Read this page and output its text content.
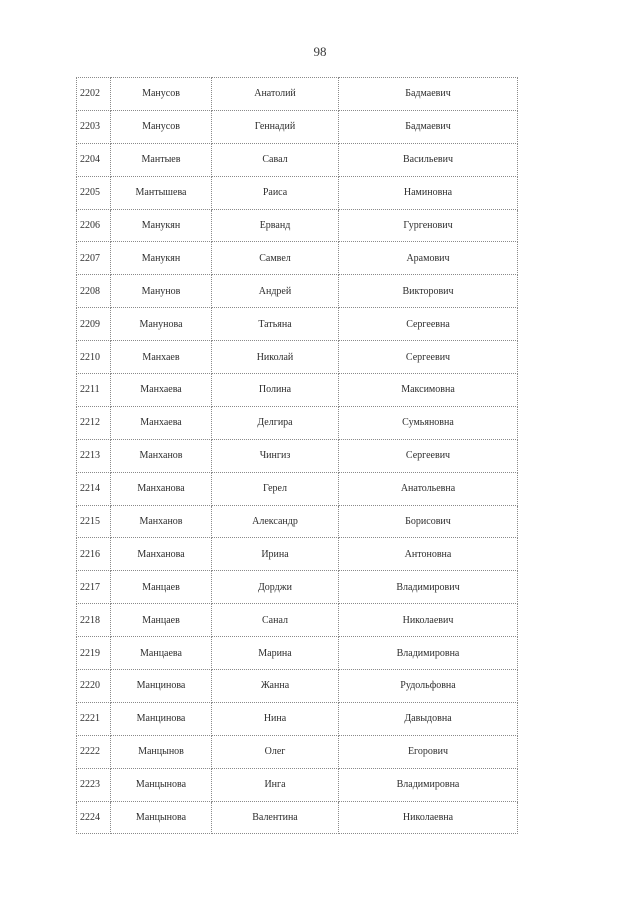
98
2202	Манусов	Анатолий	Бадмаевич
2203	Манусов	Геннадий	Бадмаевич
2204	Мантыев	Савал	Васильевич
2205	Мантышева	Раиса	Наминовна
2206	Манукян	Ерванд	Гургенович
2207	Манукян	Самвел	Арамович
2208	Манунов	Андрей	Викторович
2209	Манунова	Татьяна	Сергеевна
2210	Манхаев	Николай	Сергеевич
2211	Манхаева	Полина	Максимовна
2212	Манхаева	Делгира	Сумьяновна
2213	Манханов	Чингиз	Сергеевич
2214	Манханова	Герел	Анатольевна
2215	Манханов	Александр	Борисович
2216	Манханова	Ирина	Антоновна
2217	Манцаев	Дорджи	Владимирович
2218	Манцаев	Санал	Николаевич
2219	Манцаева	Марина	Владимировна
2220	Манцинова	Жанна	Рудольфовна
2221	Манцинова	Нина	Давыдовна
2222	Манцынов	Олег	Егорович
2223	Манцынова	Инга	Владимировна
2224	Манцынова	Валентина	Николаевна
